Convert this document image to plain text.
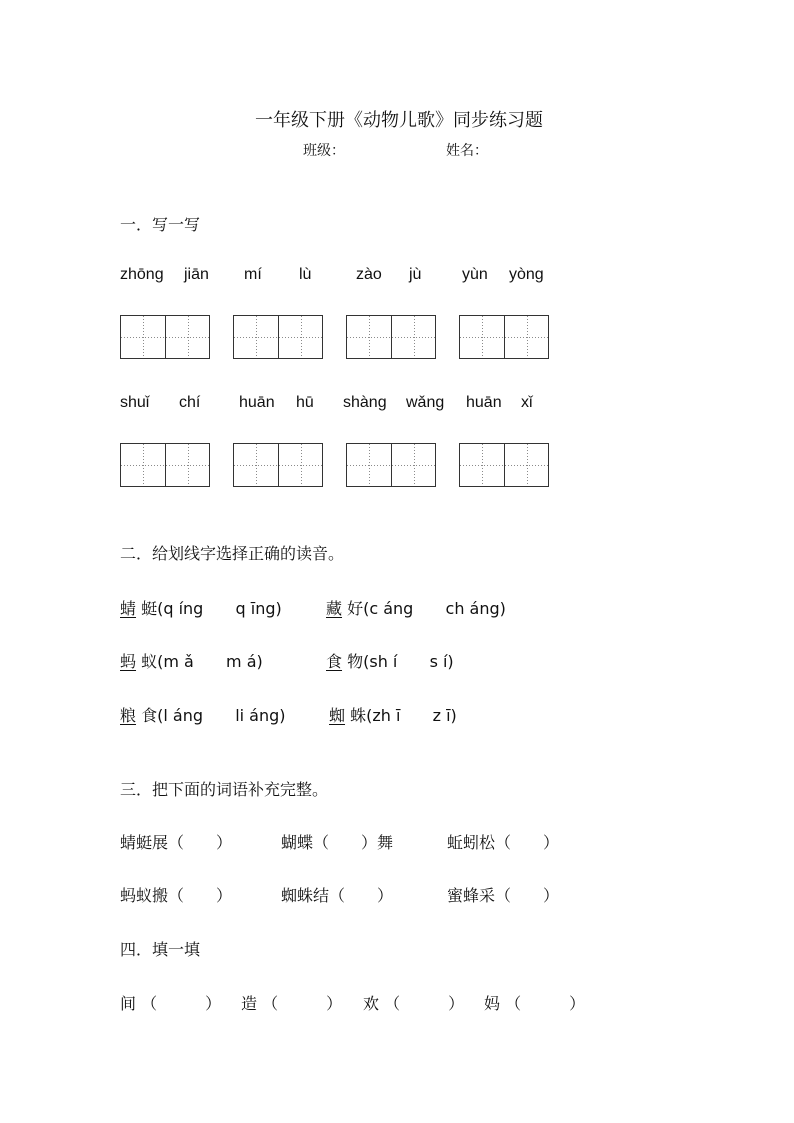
一年级下册《动物儿歌》同步练习题
班级：	姓名：
一．写一写
zhōng jiān mí lù	zào jù	yùn yòng
shuǐ chí huān hū shàng wǎng huān xǐ
二．给划线字选择正确的读音。
蜻 蜓(q íng q īng)	藏 好(c áng ch áng)
蚂 蚁(m ǎ m á)	食 物(sh í s í)
粮 食(l áng li áng)	蜘 蛛(zh ī z ī)
三．把下面的词语补充完整。
蜻蜓展（　　）	蝴蝶（　　）舞	蚯蚓松（　　）
蚂蚁搬（　　）	蜘蛛结（　　）	蜜蜂采（　　）
四．填一填
间 （　　　） 造 （　　　） 欢 （　　　） 妈 （　　　）
